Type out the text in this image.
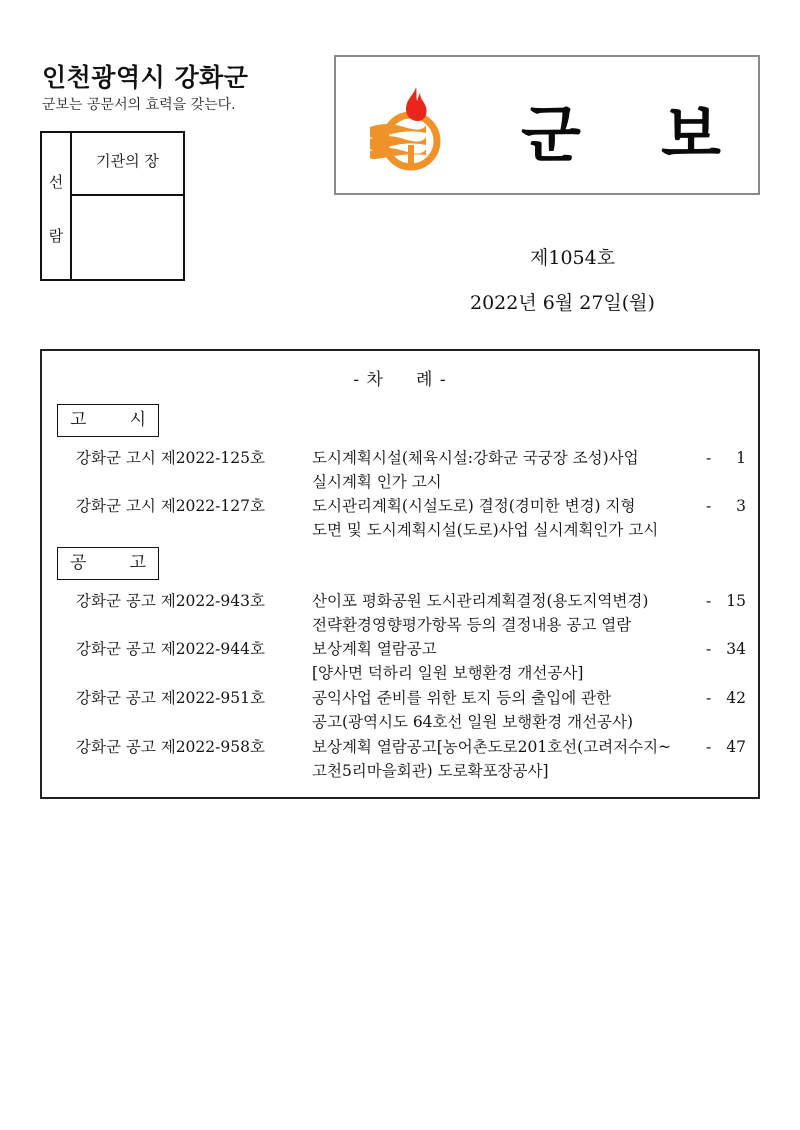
인천광역시 강화군
군보는 공문서의 효력을 갖는다.
선
람
기관의 장	군 보
제1054호
2022년 6월 27일(월)
- 차     례 -
고	시
강화군 고시 제2022-125호	도시계획시설(체육시설:강화군 국궁장 조성)사업
실시계획 인가 고시
- 1
강화군 고시 제2022-127호	도시관리계획(시설도로) 결정(경미한 변경) 지형
도면 및 도시계획시설(도로)사업 실시계획인가 고시
- 3
공	고
강화군 공고 제2022-943호	산이포 평화공원 도시관리계획결정(용도지역변경)
전략환경영향평가항목 등의 결정내용 공고 열람
- 15
강화군 공고 제2022-944호	보상계획 열람공고
[양사면 덕하리 일원 보행환경 개선공사]
- 34
강화군 공고 제2022-951호	공익사업 준비를 위한 토지 등의 출입에 관한
공고(광역시도 64호선 일원 보행환경 개선공사)
- 42
강화군 공고 제2022-958호	보상계획 열람공고[농어촌도로201호선(고려저수지~
고천5리마을회관) 도로확포장공사]
- 47
